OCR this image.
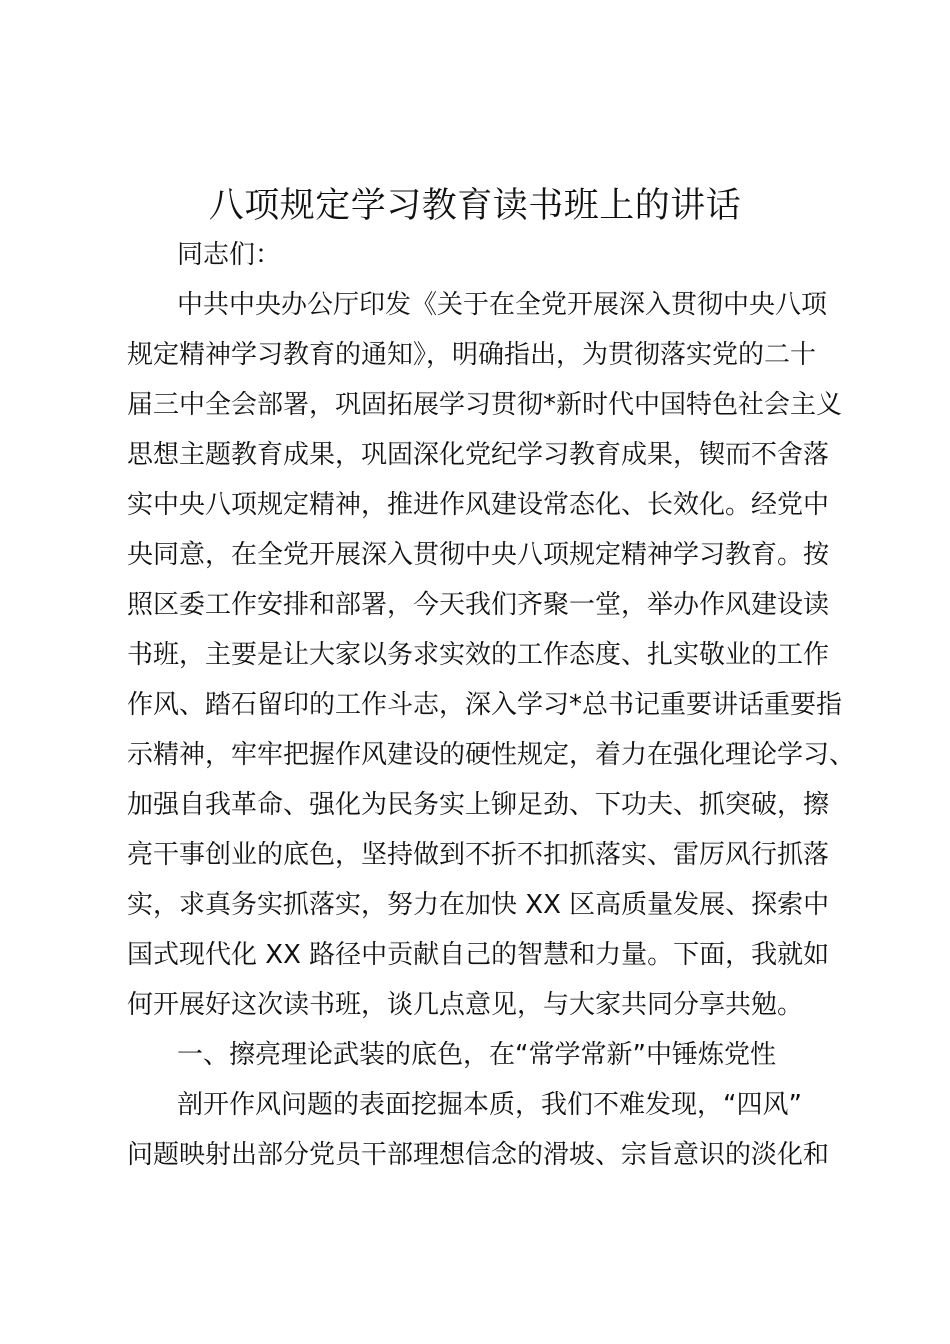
八项规定学习教育读书班上的讲话

同志们：

中共中央办公厅印发《关于在全党开展深入贯彻中央八项

规定精神学习教育的通知》，明确指出，为贯彻落实党的二十

届三中全会部署，巩固拓展学习贯彻*新时代中国特色社会主义

思想主题教育成果，巩固深化党纪学习教育成果，锲而不舍落

实中央八项规定精神，推进作风建设常态化、长效化。经党中

央同意，在全党开展深入贯彻中央八项规定精神学习教育。按

照区委工作安排和部署，今天我们齐聚一堂，举办作风建设读

书班，主要是让大家以务求实效的工作态度、扎实敬业的工作

作风、踏石留印的工作斗志，深入学习*总书记重要讲话重要指

示精神，牢牢把握作风建设的硬性规定，着力在强化理论学习、

加强自我革命、强化为民务实上铆足劲、下功夫、抓突破，擦

亮干事创业的底色，坚持做到不折不扣抓落实、雷厉风行抓落

实，求真务实抓落实，努力在加快 XX 区高质量发展、探索中

国式现代化 XX 路径中贡献自己的智慧和力量。下面，我就如

何开展好这次读书班，谈几点意见，与大家共同分享共勉。

一、擦亮理论武装的底色，在“常学常新”中锤炼党性

剖开作风问题的表面挖掘本质，我们不难发现，“四风”

问题映射出部分党员干部理想信念的滑坡、宗旨意识的淡化和
